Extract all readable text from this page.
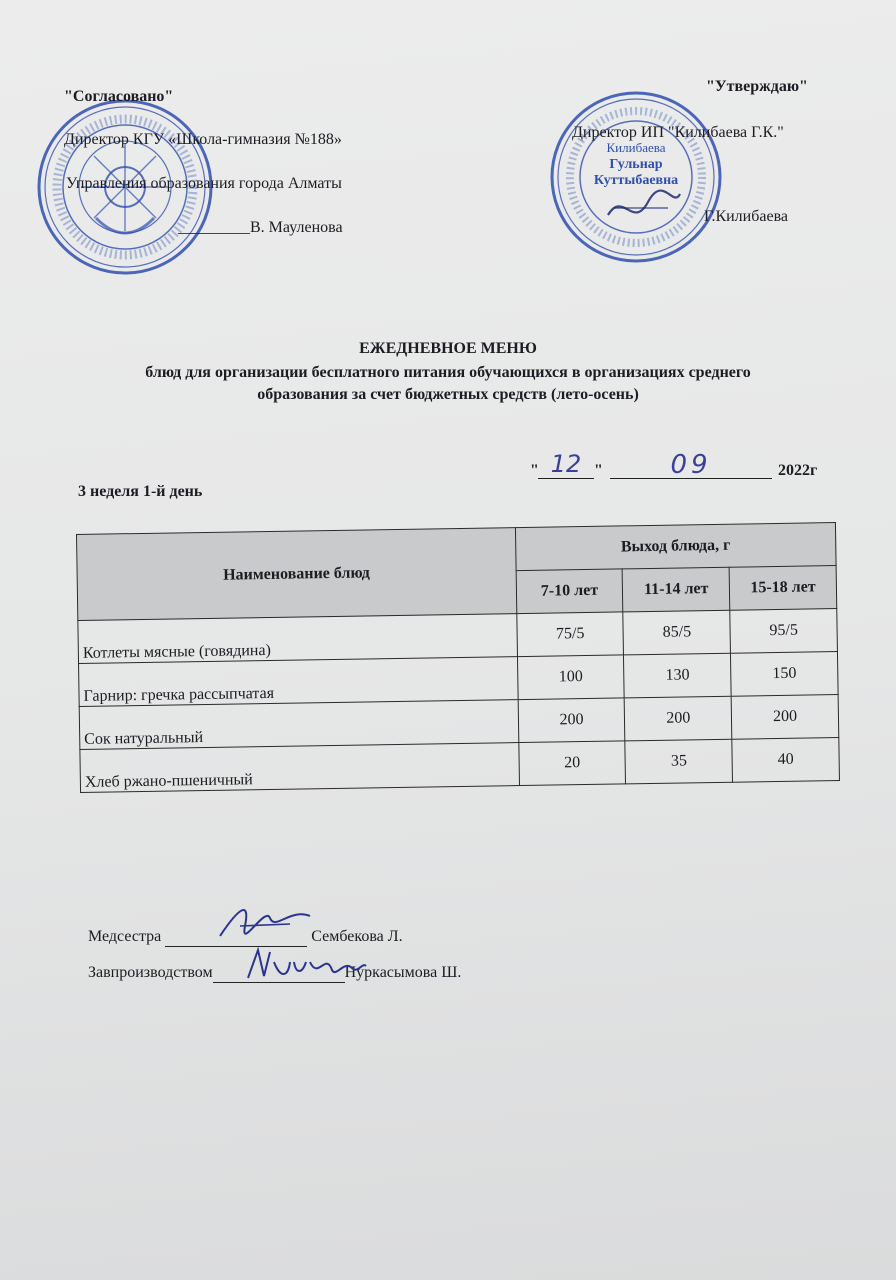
Килибаева
Гульнар
Куттыбаевна
"Согласовано"
Директор КГУ «Школа-гимназия №188»
Управления образования города Алматы
_________В. Мауленова
"Утверждаю"
Директор ИП "Килибаева Г.К."
Г.Килибаева
ЕЖЕДНЕВНОЕ МЕНЮ
блюд для организации бесплатного питания обучающихся в организациях среднего
образования за счет бюджетных средств (лето-осень)
3 неделя 1-й день
" 12 "	09	2022г
Наименование блюд	Выход блюда, г		
	7-10 лет	11-14 лет	15-18 лет
Котлеты мясные (говядина)	75/5	85/5	95/5
Гарнир: гречка рассыпчатая	100	130	150
Сок натуральный	200	200	200
Хлеб ржано-пшеничный	20	35	40
Медсестра	Сембекова Л.
Завпроизводством	Нуркасымова Ш.
